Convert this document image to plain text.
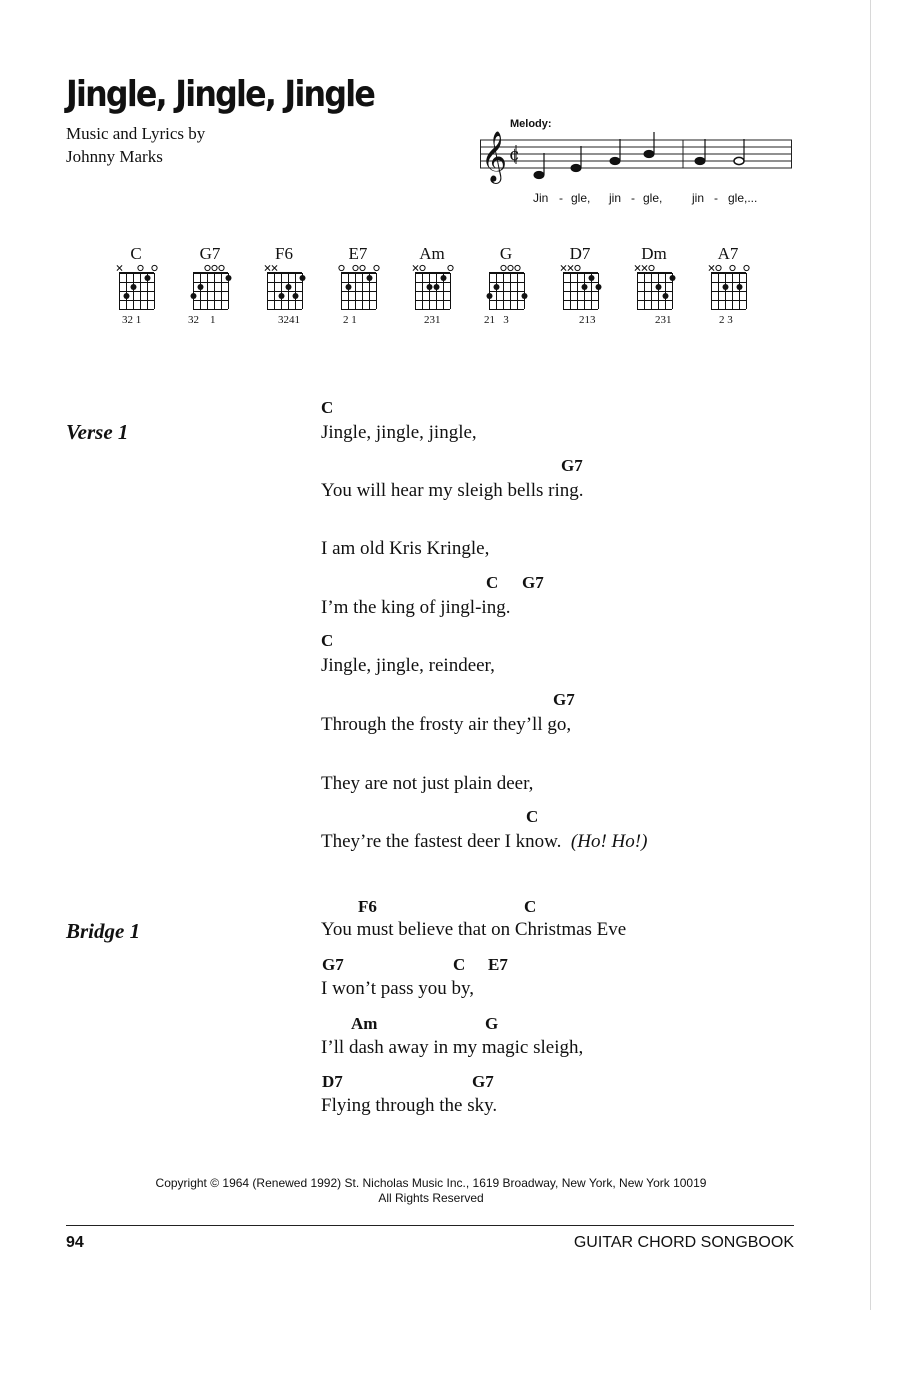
Jingle, Jingle, Jingle
Music and Lyrics by
Johnny Marks
Melody:
𝄞 ¢
Jin - gle, jin - gle, jin - gle,...
C	G7	F6	E7	Am	G	D7	Dm	A7
32 1	32    1	3241	2 1	231	21   3	213	231	2 3
Verse 1
Bridge 1
C
Jingle, jingle, jingle,
G7
You will hear my sleigh bells ring.
I am old Kris Kringle,
C G7
I’m the king of jingl-ing.
C
Jingle, jingle, reindeer,
G7
Through the frosty air they’ll go,
They are not just plain deer,
C
They’re the fastest deer I know. (Ho! Ho!)
F6	C
You must believe that on Christmas Eve
G7	C E7
I won’t pass you by,
Am	G
I’ll dash away in my magic sleigh,
D7	G7
Flying through the sky.
Copyright © 1964 (Renewed 1992) St. Nicholas Music Inc., 1619 Broadway, New York, New York 10019
All Rights Reserved
94	GUITAR CHORD SONGBOOK
